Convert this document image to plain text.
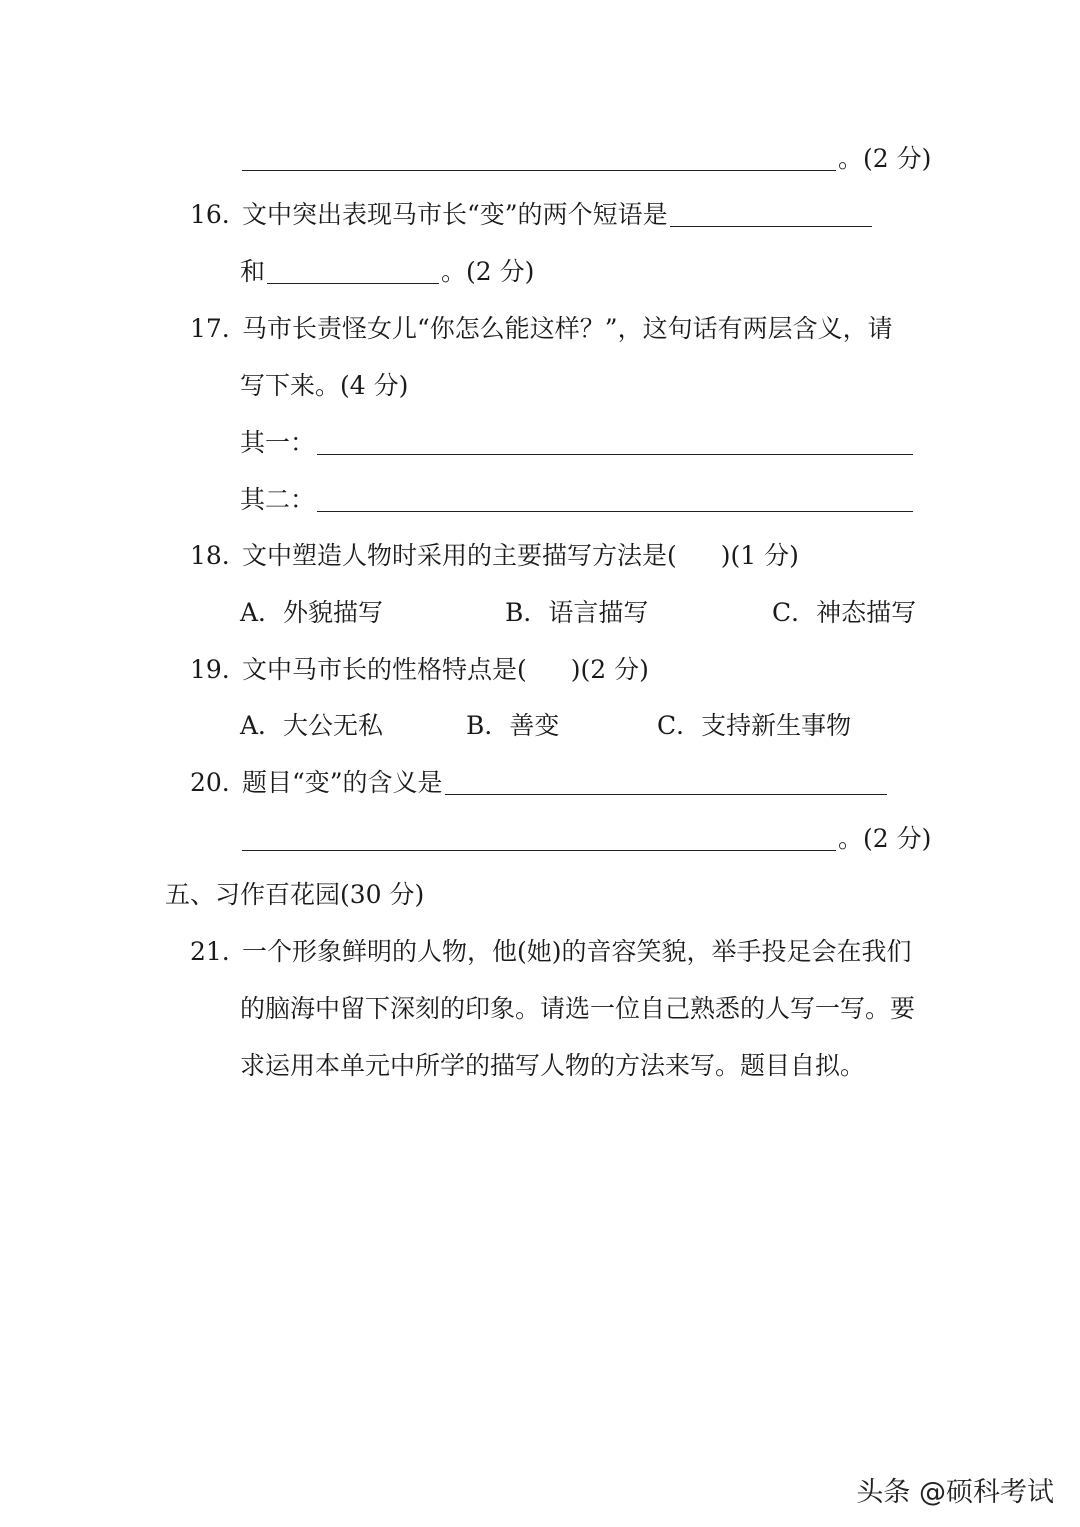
。(2 分)
16. 文中突出表现马市长“变”的两个短语是
和	。(2 分)
17. 马市长责怪女儿“你怎么能这样？”，这句话有两层含义，请
写下来。(4 分)
其一：
其二：
18. 文中塑造人物时采用的主要描写方法是( )(1 分)
A．外貌描写	B．语言描写	C．神态描写
19. 文中马市长的性格特点是( )(2 分)
A．大公无私	B．善变	C．支持新生事物
20. 题目“变”的含义是
。(2 分)
五、习作百花园(30 分)
21. 一个形象鲜明的人物，他(她)的音容笑貌，举手投足会在我们
的脑海中留下深刻的印象。请选一位自己熟悉的人写一写。要
求运用本单元中所学的描写人物的方法来写。题目自拟。
头条 @硕科考试
